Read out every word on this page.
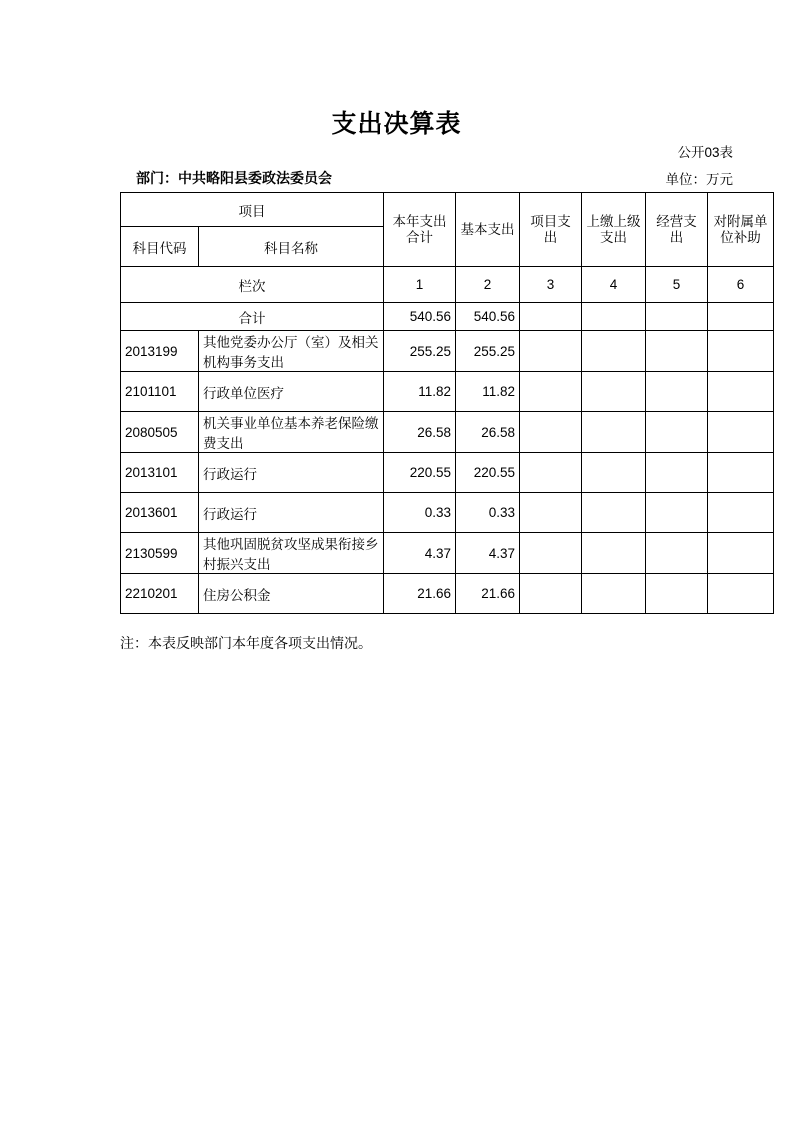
支出决算表
公开03表
部门：中共略阳县委政法委员会	单位：万元
项目		本年支出合计	基本支出	项目支出	上缴上级支出	经营支出	对附属单位补助
科目代码	科目名称						
栏次		1	2	3	4	5	6
合计		540.56	540.56				
2013199	其他党委办公厅（室）及相关机构事务支出	255.25	255.25				
2101101	行政单位医疗	11.82	11.82				
2080505	机关事业单位基本养老保险缴费支出	26.58	26.58				
2013101	行政运行	220.55	220.55				
2013601	行政运行	0.33	0.33				
2130599	其他巩固脱贫攻坚成果衔接乡村振兴支出	4.37	4.37				
2210201	住房公积金	21.66	21.66				
注：本表反映部门本年度各项支出情况。
